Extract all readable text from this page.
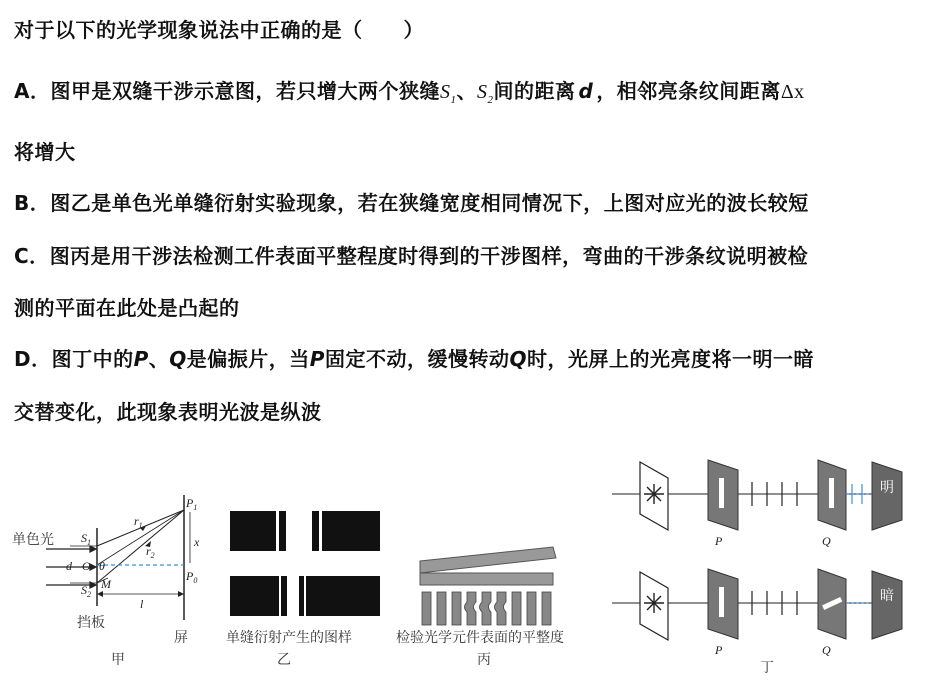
对于以下的光学现象说法中正确的是（　　）
A．图甲是双缝干涉示意图，若只增大两个狭缝$S_1$、$S_2$间的距离 d ，相邻亮条纹间距离Δx
将增大
B．图乙是单色光单缝衍射实验现象，若在狭缝宽度相同情况下，上图对应光的波长较短
C．图丙是用干涉法检测工件表面平整程度时得到的干涉图样，弯曲的干涉条纹说明被检
测的平面在此处是凸起的
D．图丁中的P、Q是偏振片，当P固定不动，缓慢转动Q时，光屏上的光亮度将一明一暗
交替变化，此现象表明光波是纵波
单色光 $S_1$
$S_2$
d O θ
M
$r_1$
$r_2$
$P_1$
$P_0$
x
l
挡板
屏
甲
单缝衍射产生的图样
乙
检验光学元件表面的平整度
丙
明
P	Q
暗
P	Q
丁
